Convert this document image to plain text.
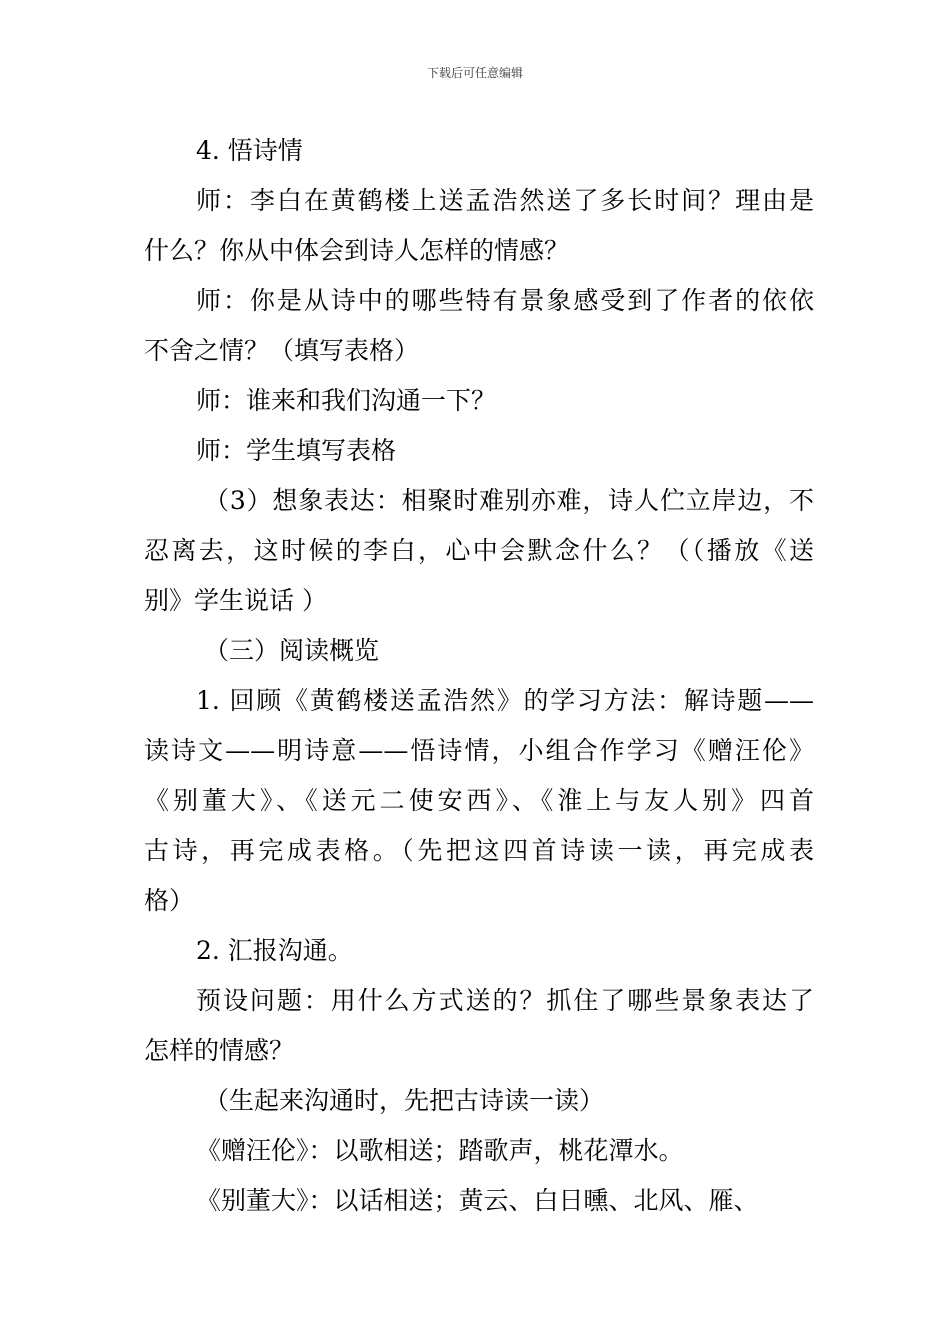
下载后可任意编辑
4. 悟诗情
师：李白在黄鹤楼上送孟浩然送了多长时间？理由是
什么？你从中体会到诗人怎样的情感？
师：你是从诗中的哪些特有景象感受到了作者的依依
不舍之情？（填写表格）
师：谁来和我们沟通一下？
师：学生填写表格
（3）想象表达：相聚时难别亦难，诗人伫立岸边，不
忍离去，这时候的李白，心中会默念什么？（（播放《送
别》学生说话 ）
（三）阅读概览
1. 回顾《黄鹤楼送孟浩然》的学习方法：解诗题——
读诗文——明诗意——悟诗情，小组合作学习《赠汪伦》
《别董大》、《送元二使安西》、《淮上与友人别》四首
古诗，再完成表格。（先把这四首诗读一读，再完成表
格）
2. 汇报沟通。
预设问题：用什么方式送的？抓住了哪些景象表达了
怎样的情感？
（生起来沟通时，先把古诗读一读）
《赠汪伦》：以歌相送；踏歌声，桃花潭水。
《别董大》：以话相送；黄云、白日曛、北风、雁、
